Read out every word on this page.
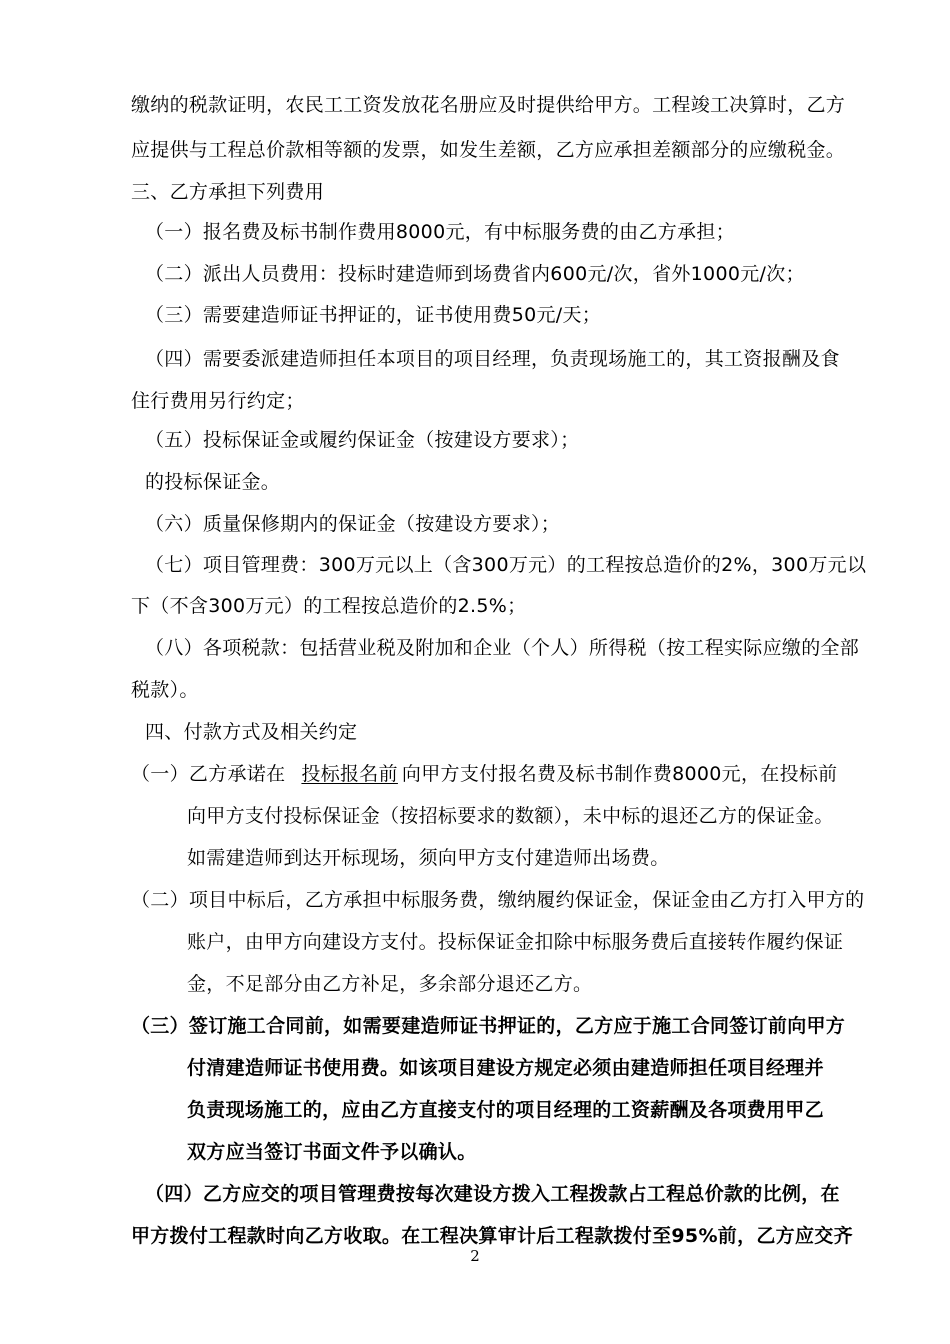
缴纳的税款证明，农民工工资发放花名册应及时提供给甲方。工程竣工决算时，乙方
应提供与工程总价款相等额的发票，如发生差额，乙方应承担差额部分的应缴税金。
三、乙方承担下列费用
（一）报名费及标书制作费用8000元，有中标服务费的由乙方承担；
（二）派出人员费用：投标时建造师到场费省内600元/次，省外1000元/次；
（三）需要建造师证书押证的，证书使用费50元/天；
（四）需要委派建造师担任本项目的项目经理，负责现场施工的，其工资报酬及食
住行费用另行约定；
（五）投标保证金或履约保证金（按建设方要求）；
的投标保证金。
（六）质量保修期内的保证金（按建设方要求）；
（七）项目管理费：300万元以上（含300万元）的工程按总造价的2%，300万元以
下（不含300万元）的工程按总造价的2.5%；
（八）各项税款：包括营业税及附加和企业（个人）所得税（按工程实际应缴的全部
税款）。
四、付款方式及相关约定
（一）乙方承诺在 投标报名前 向甲方支付报名费及标书制作费8000元，在投标前
向甲方支付投标保证金（按招标要求的数额），未中标的退还乙方的保证金。
如需建造师到达开标现场，须向甲方支付建造师出场费。
（二）项目中标后，乙方承担中标服务费，缴纳履约保证金，保证金由乙方打入甲方的
账户，由甲方向建设方支付。投标保证金扣除中标服务费后直接转作履约保证
金，不足部分由乙方补足，多余部分退还乙方。
（三）签订施工合同前，如需要建造师证书押证的，乙方应于施工合同签订前向甲方
付清建造师证书使用费。如该项目建设方规定必须由建造师担任项目经理并
负责现场施工的，应由乙方直接支付的项目经理的工资薪酬及各项费用甲乙
双方应当签订书面文件予以确认。
（四）乙方应交的项目管理费按每次建设方拨入工程拨款占工程总价款的比例，在
甲方拨付工程款时向乙方收取。在工程决算审计后工程款拨付至95%前，乙方应交齐
2
